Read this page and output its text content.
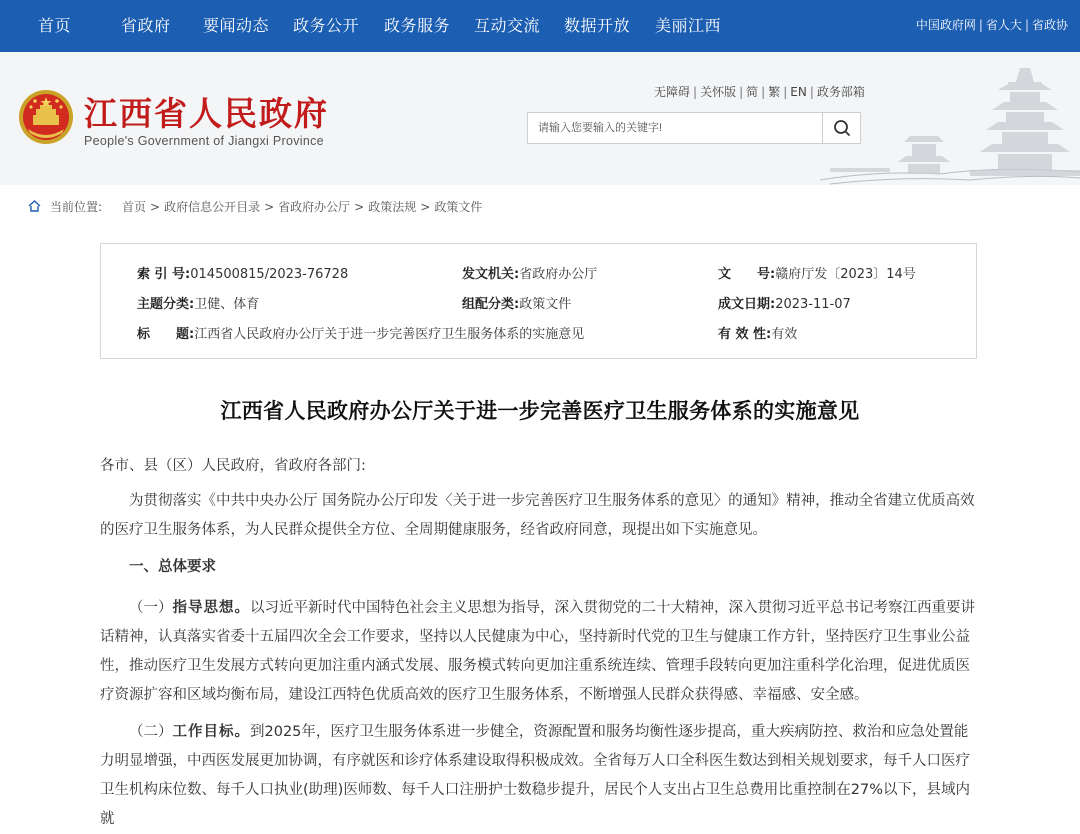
首页	省政府 要闻动态 政务公开 政务服务 互动交流 数据开放 美丽江西	中国政府网 | 省人大 | 省政协
江西省人民政府
People's Government of Jiangxi Province
无障碍 | 关怀版 | 简 | 繁 | EN | 政务部箱
请输入您要输入的关键字!
当前位置: 首页 > 政府信息公开目录 > 省政府办公厅 > 政策法规 > 政策文件
索 引 号:014500815/2023-76728	发文机关:省政府办公厅	文　　号:赣府厅发〔2023〕14号
主题分类:卫健、体育	组配分类:政策文件	成文日期:2023-11-07
标　　题:江西省人民政府办公厅关于进一步完善医疗卫生服务体系的实施意见	有 效 性:有效
江西省人民政府办公厅关于进一步完善医疗卫生服务体系的实施意见
各市、县（区）人民政府，省政府各部门:
为贯彻落实《中共中央办公厅 国务院办公厅印发〈关于进一步完善医疗卫生服务体系的意见〉的通知》精神，推动全省建立优质高效的医疗卫生服务体系，为人民群众提供全方位、全周期健康服务，经省政府同意，现提出如下实施意见。
一、总体要求
（一）指导思想。以习近平新时代中国特色社会主义思想为指导，深入贯彻党的二十大精神，深入贯彻习近平总书记考察江西重要讲话精神，认真落实省委十五届四次全会工作要求，坚持以人民健康为中心，坚持新时代党的卫生与健康工作方针，坚持医疗卫生事业公益性，推动医疗卫生发展方式转向更加注重内涵式发展、服务模式转向更加注重系统连续、管理手段转向更加注重科学化治理，促进优质医疗资源扩容和区域均衡布局，建设江西特色优质高效的医疗卫生服务体系，不断增强人民群众获得感、幸福感、安全感。
（二）工作目标。到2025年，医疗卫生服务体系进一步健全，资源配置和服务均衡性逐步提高，重大疾病防控、救治和应急处置能力明显增强，中西医发展更加协调，有序就医和诊疗体系建设取得积极成效。全省每万人口全科医生数达到相关规划要求，每千人口医疗卫生机构床位数、每千人口执业(助理)医师数、每千人口注册护士数稳步提升，居民个人支出占卫生总费用比重控制在27%以下，县域内就
